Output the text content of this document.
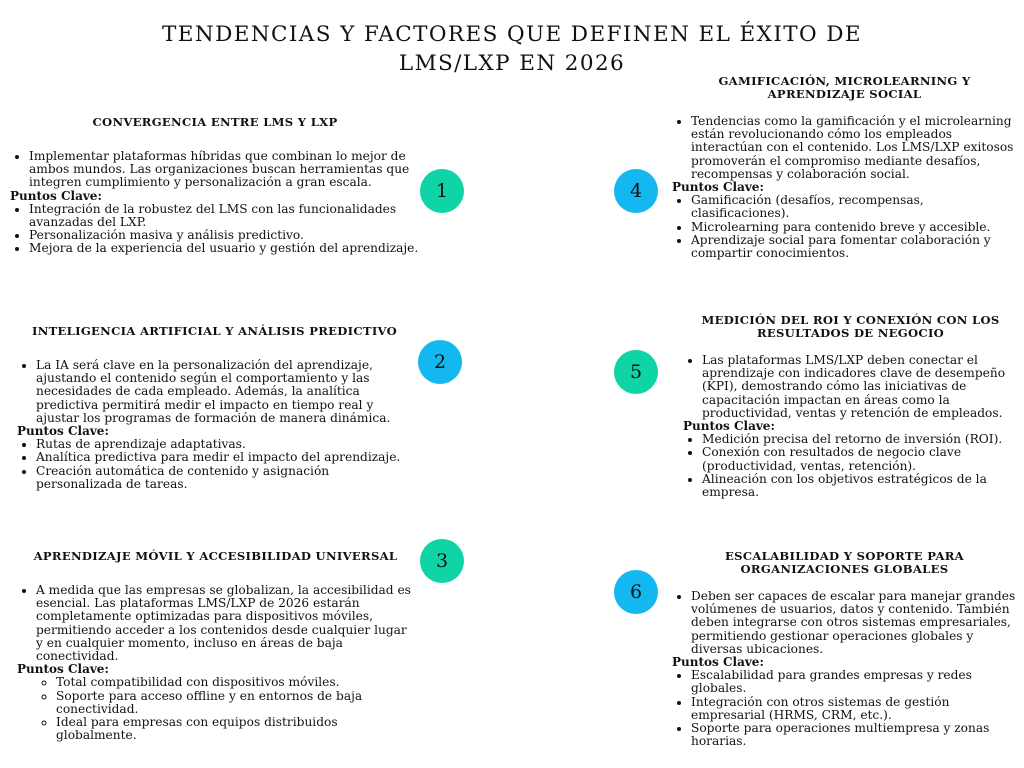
TENDENCIAS Y FACTORES QUE DEFINEN EL ÉXITO DE
LMS/LXP EN 2026
CONVERGENCIA ENTRE LMS Y LXP
• Implementar plataformas híbridas que combinan lo mejor de ambos mundos. Las organizaciones buscan herramientas que integren cumplimiento y personalización a gran escala.

Puntos Clave:

• Integración de la robustez del LMS con las funcionalidades avanzadas del LXP.
• Personalización masiva y análisis predictivo.
• Mejora de la experiencia del usuario y gestión del aprendizaje.
INTELIGENCIA ARTIFICIAL Y ANÁLISIS PREDICTIVO
• La IA será clave en la personalización del aprendizaje, ajustando el contenido según el comportamiento y las necesidades de cada empleado. Además, la analítica predictiva permitirá medir el impacto en tiempo real y ajustar los programas de formación de manera dinámica.

Puntos Clave:

• Rutas de aprendizaje adaptativas.
• Analítica predictiva para medir el impacto del aprendizaje.
• Creación automática de contenido y asignación personalizada de tareas.
APRENDIZAJE MÓVIL Y ACCESIBILIDAD UNIVERSAL
• A medida que las empresas se globalizan, la accesibilidad es esencial. Las plataformas LMS/LXP de 2026 estarán completamente optimizadas para dispositivos móviles, permitiendo acceder a los contenidos desde cualquier lugar y en cualquier momento, incluso en áreas de baja conectividad.

Puntos Clave:

◦ Total compatibilidad con dispositivos móviles.
◦ Soporte para acceso offline y en entornos de baja conectividad.
◦ Ideal para empresas con equipos distribuidos globalmente.
GAMIFICACIÓN, MICROLEARNING Y APRENDIZAJE SOCIAL
• Tendencias como la gamificación y el microlearning están revolucionando cómo los empleados interactúan con el contenido. Los LMS/LXP exitosos promoverán el compromiso mediante desafíos, recompensas y colaboración social.

Puntos Clave:

• Gamificación (desafíos, recompensas, clasificaciones).
• Microlearning para contenido breve y accesible.
• Aprendizaje social para fomentar colaboración y compartir conocimientos.
MEDICIÓN DEL ROI Y CONEXIÓN CON LOS RESULTADOS DE NEGOCIO
• Las plataformas LMS/LXP deben conectar el aprendizaje con indicadores clave de desempeño (KPI), demostrando cómo las iniciativas de capacitación impactan en áreas como la productividad, ventas y retención de empleados.

Puntos Clave:

• Medición precisa del retorno de inversión (ROI).
• Conexión con resultados de negocio clave (productividad, ventas, retención).
• Alineación con los objetivos estratégicos de la empresa.
ESCALABILIDAD Y SOPORTE PARA ORGANIZACIONES GLOBALES
• Deben ser capaces de escalar para manejar grandes volúmenes de usuarios, datos y contenido. También deben integrarse con otros sistemas empresariales, permitiendo gestionar operaciones globales y diversas ubicaciones.

Puntos Clave:

• Escalabilidad para grandes empresas y redes globales.
• Integración con otros sistemas de gestión empresarial (HRMS, CRM, etc.).
• Soporte para operaciones multiempresa y zonas horarias.
1
2
3
4
5
6
